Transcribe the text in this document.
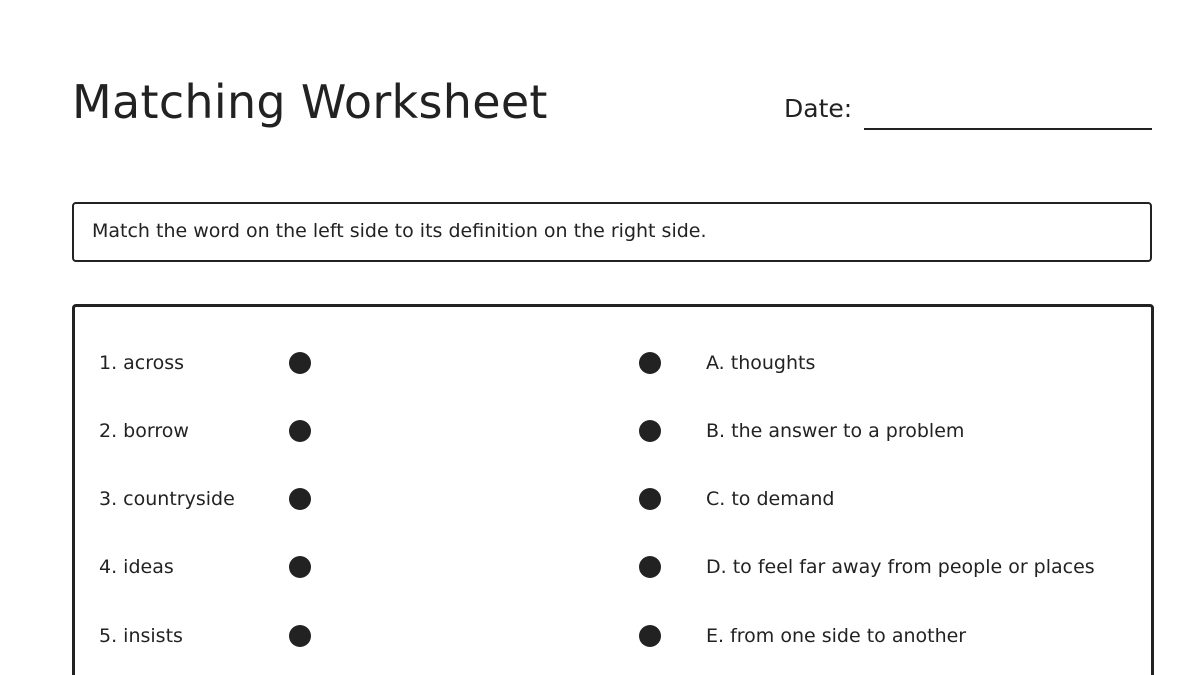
Matching Worksheet	Date:
Match the word on the left side to its definition on the right side.
1. across	A. thoughts
2. borrow	B. the answer to a problem
3. countryside	C. to demand
4. ideas	D. to feel far away from people or places
5. insists	E. from one side to another
